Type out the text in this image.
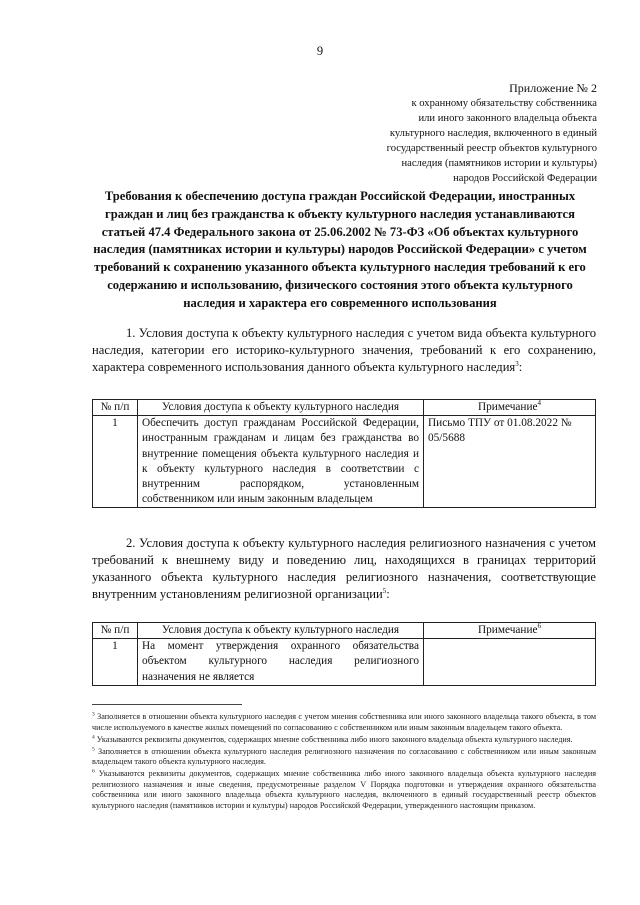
9
Приложение № 2
к охранному обязательству собственника
или иного законного владельца объекта
культурного наследия, включенного в единый
государственный реестр объектов культурного
наследия (памятников истории и культуры)
народов Российской Федерации
Требования к обеспечению доступа граждан Российской Федерации, иностранных граждан и лиц без гражданства к объекту культурного наследия устанавливаются статьей 47.4 Федерального закона от 25.06.2002 № 73-ФЗ «Об объектах культурного наследия (памятниках истории и культуры) народов Российской Федерации» с учетом требований к сохранению указанного объекта культурного наследия требований к его содержанию и использованию, физического состояния этого объекта культурного наследия и характера его современного использования
1. Условия доступа к объекту культурного наследия с учетом вида объекта культурного наследия, категории его историко-культурного значения, требований к его сохранению, характера современного использования данного объекта культурного наследия$^3$:
№ п/п	Условия доступа к объекту культурного наследия	Примечание$^4$
1	Обеспечить доступ гражданам Российской Федерации, иностранным гражданам и лицам без гражданства во внутренние помещения объекта культурного наследия и к объекту культурного наследия в соответствии с внутренним распорядком, установленным собственником или иным законным владельцем	Письмо ТПУ от 01.08.2022 № 05/5688
2. Условия доступа к объекту культурного наследия религиозного назначения с учетом требований к внешнему виду и поведению лиц, находящихся в границах территорий указанного объекта культурного наследия религиозного назначения, соответствующие внутренним установлениям религиозной организации$^5$:
№ п/п	Условия доступа к объекту культурного наследия	Примечание$^6$
1	На момент утверждения охранного обязательства объектом культурного наследия религиозного назначения не является	

$^3$ Заполняется в отношении объекта культурного наследия с учетом мнения собственника или иного законного владельца такого объекта, в том числе используемого в качестве жилых помещений по согласованию с собственником или иным законным владельцем такого объекта.

$^4$ Указываются реквизиты документов, содержащих мнение собственника либо иного законного владельца объекта культурного наследия.

$^5$ Заполняется в отношении объекта культурного наследия религиозного назначения по согласованию с собственником или иным законным владельцем такого объекта культурного наследия.

$^6$ Указываются реквизиты документов, содержащих мнение собственника либо иного законного владельца объекта культурного наследия религиозного назначения и иные сведения, предусмотренные разделом V Порядка подготовки и утверждения охранного обязательства собственника или иного законного владельца объекта культурного наследия, включенного в единый государственный реестр объектов культурного наследия (памятников истории и культуры) народов Российской Федерации, утвержденного настоящим приказом.
